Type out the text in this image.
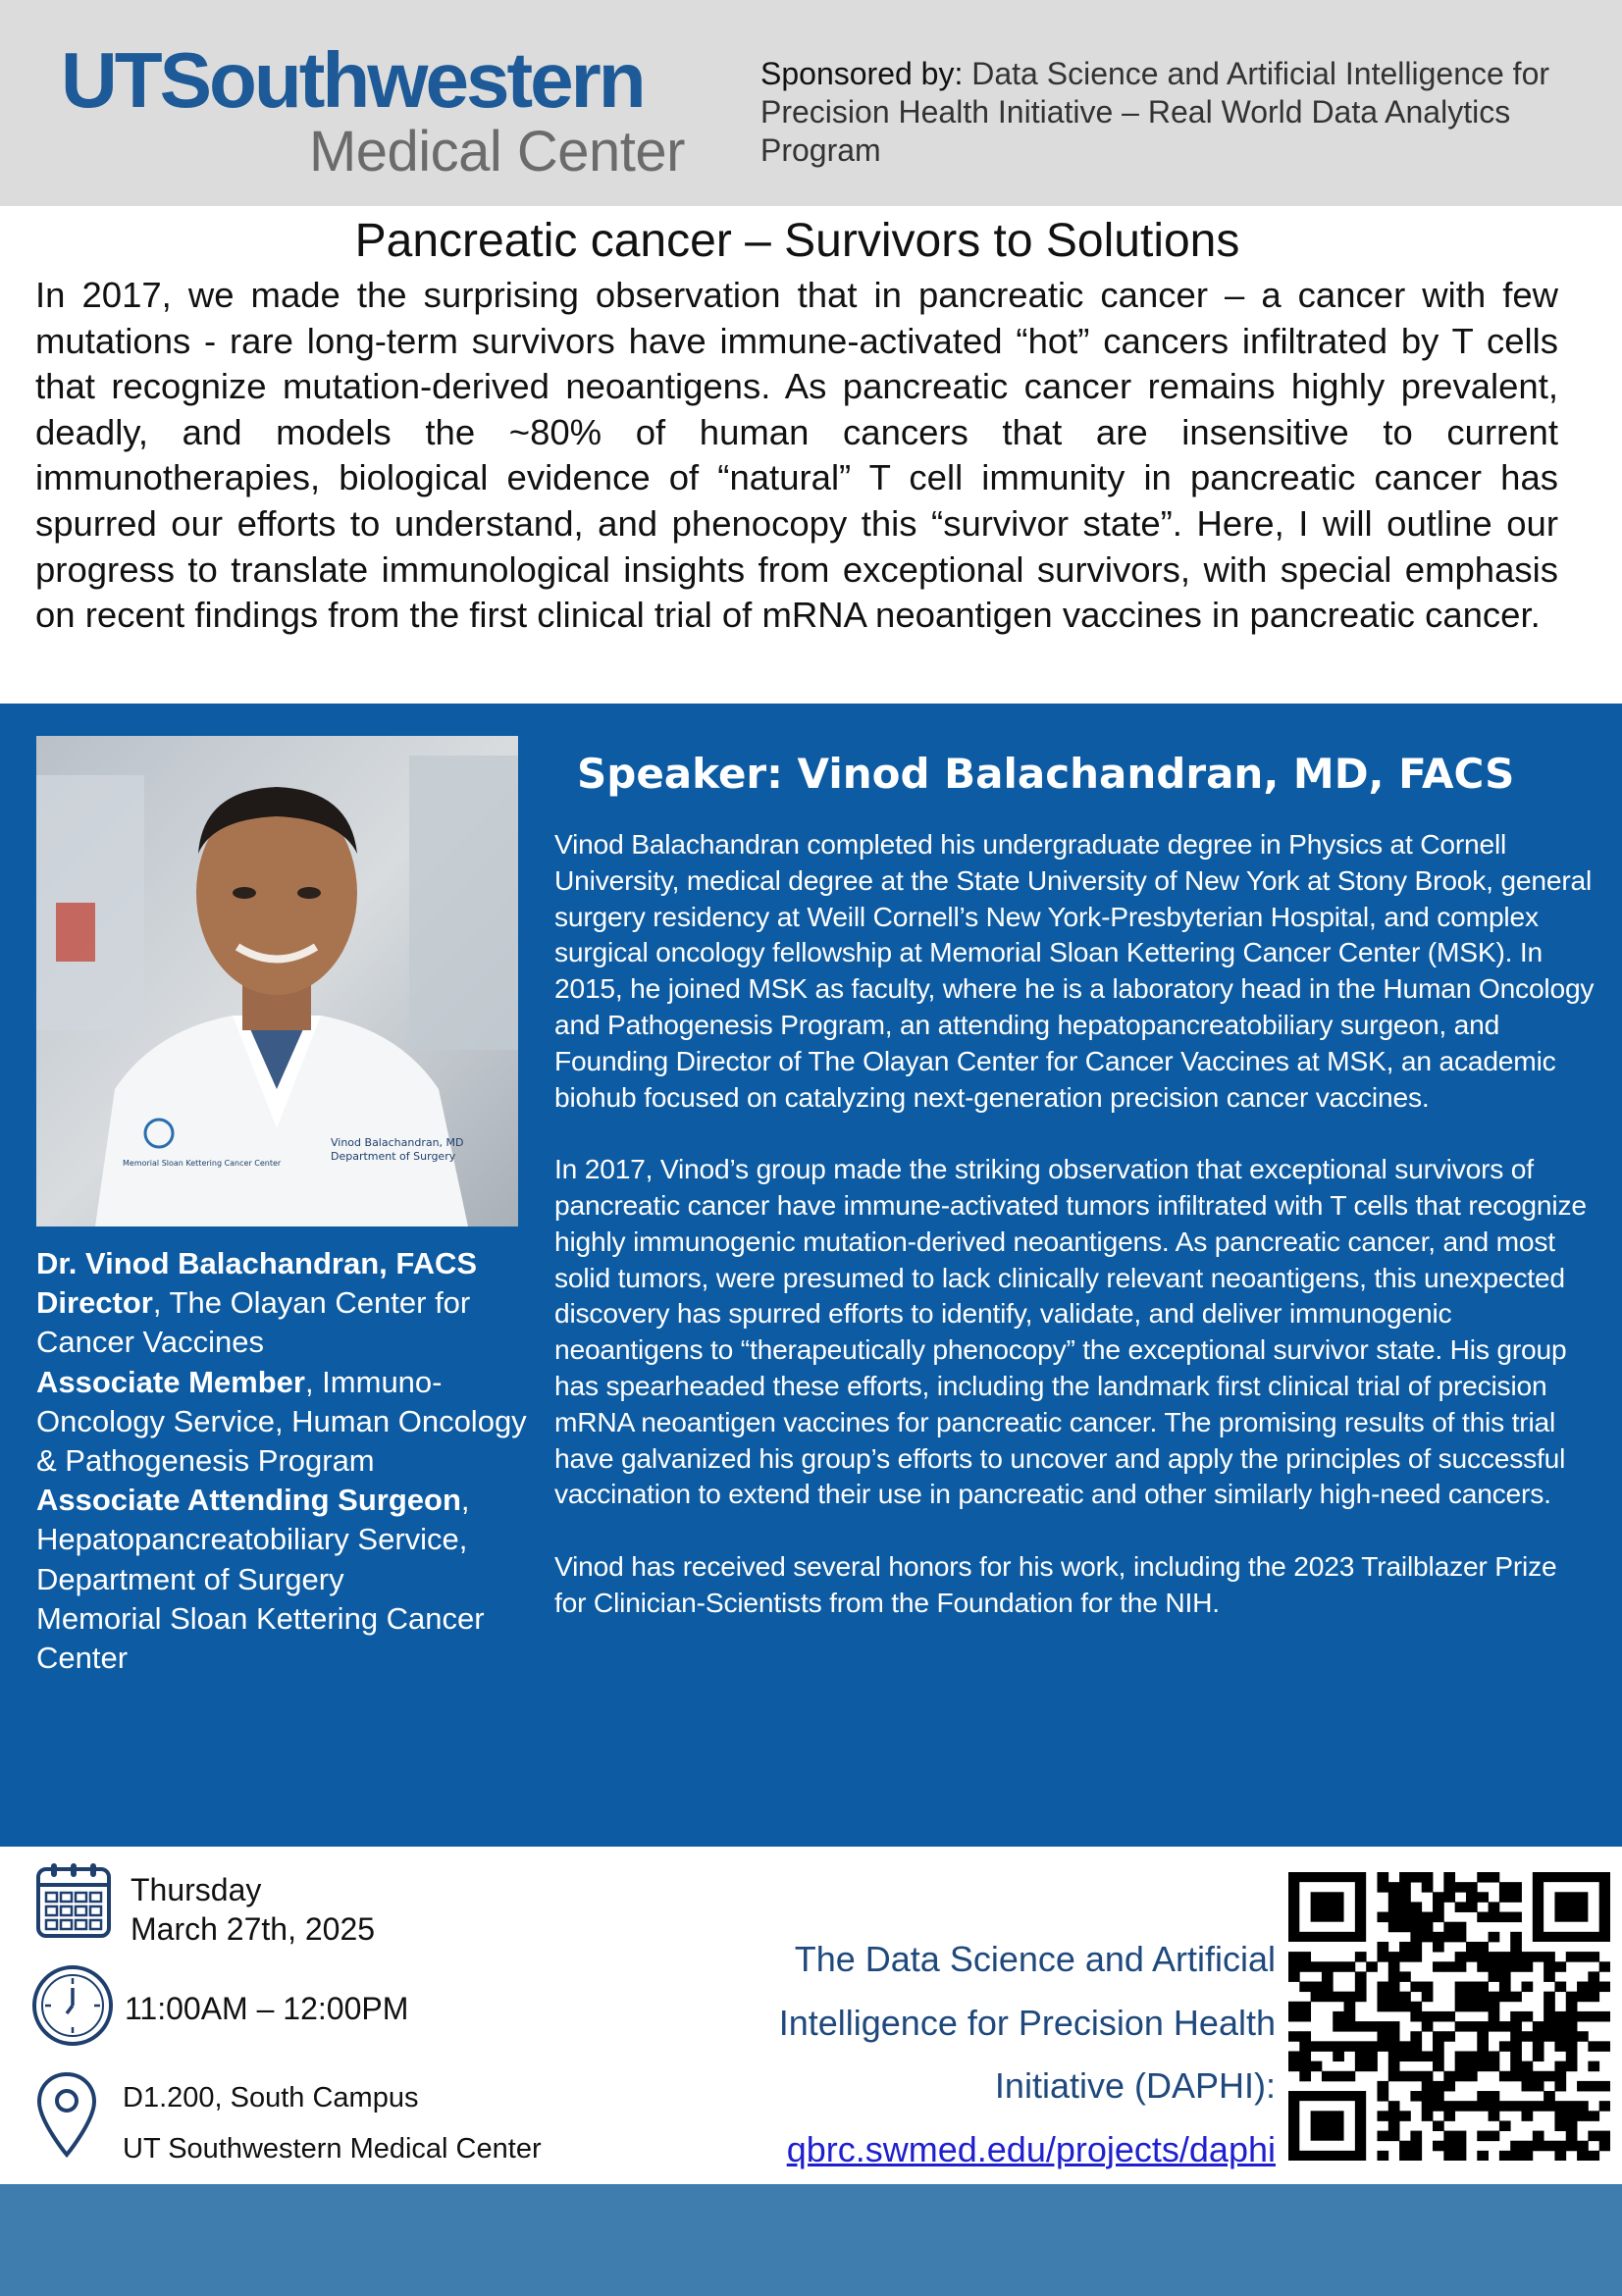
UTSouthwestern
Medical Center
Sponsored by: Data Science and Artificial Intelligence for Precision Health Initiative – Real World Data Analytics Program
Pancreatic cancer – Survivors to Solutions
In 2017, we made the surprising observation that in pancreatic cancer – a cancer with few mutations - rare long-term survivors have immune-activated “hot” cancers infiltrated by T cells that recognize mutation-derived neoantigens. As pancreatic cancer remains highly prevalent, deadly, and models the ~80% of human cancers that are insensitive to current immunotherapies, biological evidence of “natural” T cell immunity in pancreatic cancer has spurred our efforts to understand, and phenocopy this “survivor state”. Here, I will outline our progress to translate immunological insights from exceptional survivors, with special emphasis on recent findings from the first clinical trial of mRNA neoantigen vaccines in pancreatic cancer.
Vinod Balachandran, MD
Department of Surgery
Memorial Sloan Kettering Cancer Center
Dr. Vinod Balachandran, FACS
Director, The Olayan Center for Cancer Vaccines
Associate Member, Immuno-Oncology Service, Human Oncology & Pathogenesis Program
Associate Attending Surgeon,
Hepatopancreatobiliary Service, Department of Surgery
Memorial Sloan Kettering Cancer Center
Speaker: Vinod Balachandran, MD, FACS

Vinod Balachandran completed his undergraduate degree in Physics at Cornell University, medical degree at the State University of New York at Stony Brook, general surgery residency at Weill Cornell’s New York-Presbyterian Hospital, and complex surgical oncology fellowship at Memorial Sloan Kettering Cancer Center (MSK). In 2015, he joined MSK as faculty, where he is a laboratory head in the Human Oncology and Pathogenesis Program, an attending hepatopancreatobiliary surgeon, and Founding Director of The Olayan Center for Cancer Vaccines at MSK, an academic biohub focused on catalyzing next-generation precision cancer vaccines.

In 2017, Vinod’s group made the striking observation that exceptional survivors of pancreatic cancer have immune-activated tumors infiltrated with T cells that recognize highly immunogenic mutation-derived neoantigens. As pancreatic cancer, and most solid tumors, were presumed to lack clinically relevant neoantigens, this unexpected discovery has spurred efforts to identify, validate, and deliver immunogenic neoantigens to “therapeutically phenocopy” the exceptional survivor state. His group has spearheaded these efforts, including the landmark first clinical trial of precision mRNA neoantigen vaccines for pancreatic cancer. The promising results of this trial have galvanized his group’s efforts to uncover and apply the principles of successful vaccination to extend their use in pancreatic and other similarly high-need cancers.

Vinod has received several honors for his work, including the 2023 Trailblazer Prize for Clinician-Scientists from the Foundation for the NIH.

Thursday
March 27th, 2025
11:00AM – 12:00PM
D1.200, South Campus
UT Southwestern Medical Center
The Data Science and Artificial
Intelligence for Precision Health
Initiative (DAPHI):
qbrc.swmed.edu/projects/daphi
